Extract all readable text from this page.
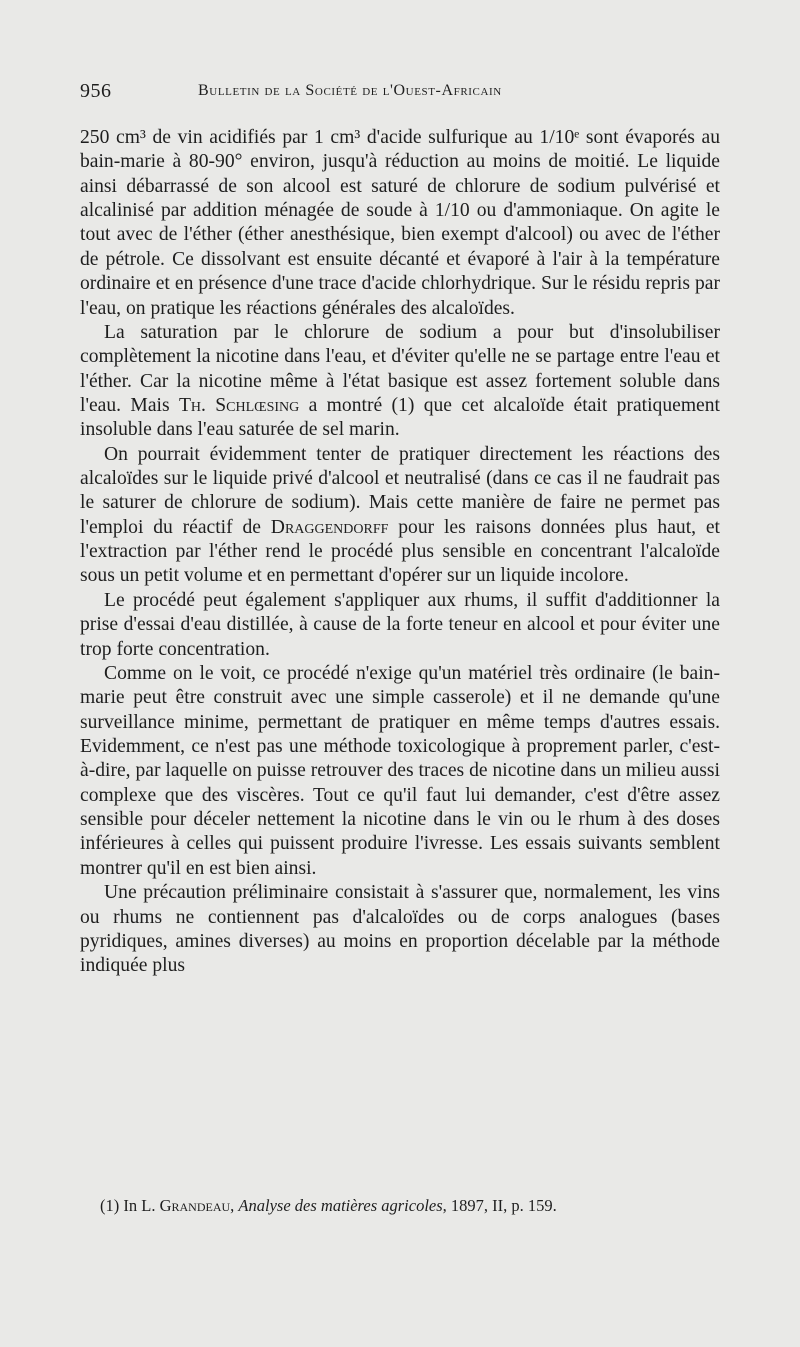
956	Bulletin de la Société de l'Ouest-Africain

250 cm³ de vin acidifiés par 1 cm³ d'acide sulfurique au 1/10ᵉ sont évaporés au bain-marie à 80-90° environ, jusqu'à réduction au moins de moitié. Le liquide ainsi débarrassé de son alcool est saturé de chlorure de sodium pulvérisé et alcalinisé par addition ménagée de soude à 1/10 ou d'ammoniaque. On agite le tout avec de l'éther (éther anesthésique, bien exempt d'alcool) ou avec de l'éther de pétrole. Ce dissolvant est ensuite décanté et évaporé à l'air à la température ordinaire et en présence d'une trace d'acide chlorhydrique. Sur le résidu repris par l'eau, on pratique les réactions générales des alcaloïdes.

La saturation par le chlorure de sodium a pour but d'insolubiliser complètement la nicotine dans l'eau, et d'éviter qu'elle ne se partage entre l'eau et l'éther. Car la nicotine même à l'état basique est assez fortement soluble dans l'eau. Mais Th. Schlœsing a montré (1) que cet alcaloïde était pratiquement insoluble dans l'eau saturée de sel marin.

On pourrait évidemment tenter de pratiquer directement les réactions des alcaloïdes sur le liquide privé d'alcool et neutralisé (dans ce cas il ne faudrait pas le saturer de chlorure de sodium). Mais cette manière de faire ne permet pas l'emploi du réactif de Draggendorff pour les raisons données plus haut, et l'extraction par l'éther rend le procédé plus sensible en concentrant l'alcaloïde sous un petit volume et en permettant d'opérer sur un liquide incolore.

Le procédé peut également s'appliquer aux rhums, il suffit d'additionner la prise d'essai d'eau distillée, à cause de la forte teneur en alcool et pour éviter une trop forte concentration.

Comme on le voit, ce procédé n'exige qu'un matériel très ordinaire (le bain-marie peut être construit avec une simple casserole) et il ne demande qu'une surveillance minime, permettant de pratiquer en même temps d'autres essais. Evidemment, ce n'est pas une méthode toxicologique à proprement parler, c'est-à-dire, par laquelle on puisse retrouver des traces de nicotine dans un milieu aussi complexe que des viscères. Tout ce qu'il faut lui demander, c'est d'être assez sensible pour déceler nettement la nicotine dans le vin ou le rhum à des doses inférieures à celles qui puissent produire l'ivresse. Les essais suivants semblent montrer qu'il en est bien ainsi.

Une précaution préliminaire consistait à s'assurer que, normalement, les vins ou rhums ne contiennent pas d'alcaloïdes ou de corps analogues (bases pyridiques, amines diverses) au moins en proportion décelable par la méthode indiquée plus

(1) In L. Grandeau, Analyse des matières agricoles, 1897, II, p. 159.
